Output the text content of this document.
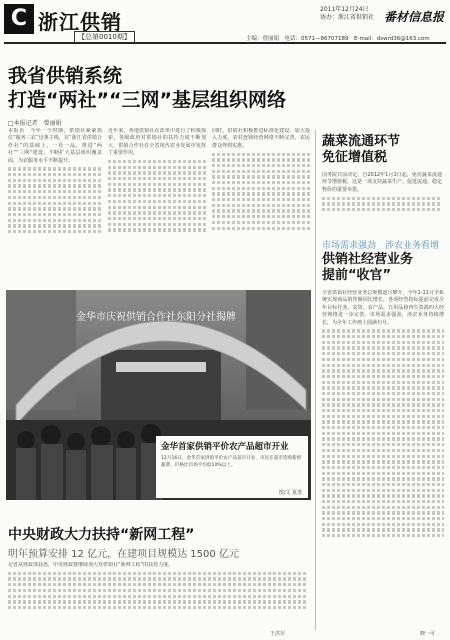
C 浙江供销
【总第0010期】
2011年12月24日
协办：浙江省供销社 番材信息报
主编：曾丽娟　电话：0571—86707189　E-mail：dswrd36@163.com
我省供销系统
打造“两社”“三网”基层组织网络
□本报记者　曾丽娟
本报讯　今年一个时期，供销社紧紧抓住“服务三农”这条主线，在“浙江省供销合作社”的基础上，一社一品，推进“两社”“三网”建设，不断扩大基层组织覆盖面，为农服务水平不断提升。
近年来，各地供销社在改革中进行了积极探索，各级政府对供销社的扶持力度不断加大，供销合作社在全省现代农业发展中发挥了重要作用。
同时，供销社积极推进标准化建设，加大投入力度，农村连锁经营网络不断完善，农民群众得到实惠。	蔬菜流通环节
免征增值税
国务院日前决定，自2012年1月1日起，免征蔬菜流通环节增值税，这是一项支持蔬菜生产、促进流通、稳定物价的重要举措。
市场需求强劲　涉农业务看增
供销社经营业务
提前“收官”
全省供销社经营业务总规模逐月攀升，今年1-11月全系统实现商品销售额同比增长，各项经营指标提前完成全年目标任务。农资、农产品、日用品和再生资源四大经营网络进一步完善，市场需求强劲，涉农业务持续增长，为全年工作画上圆满句号。
金华市庆祝供销合作社东阳分社揭牌
金华首家供销平价农产品超市开业
12月16日，金华首家供销平价农产品超市开业，市民在超市选购新鲜蔬菜，价格比市场平均低10%以上。
图/文 夏勇
中央财政大力扶持“新网工程”
明年预算安排 12 亿元，在建项目规模达 1500 亿元
记者从财政部获悉，中央财政将继续加大对供销社“新网工程”的扶持力度。
王洪尔	晓一可
